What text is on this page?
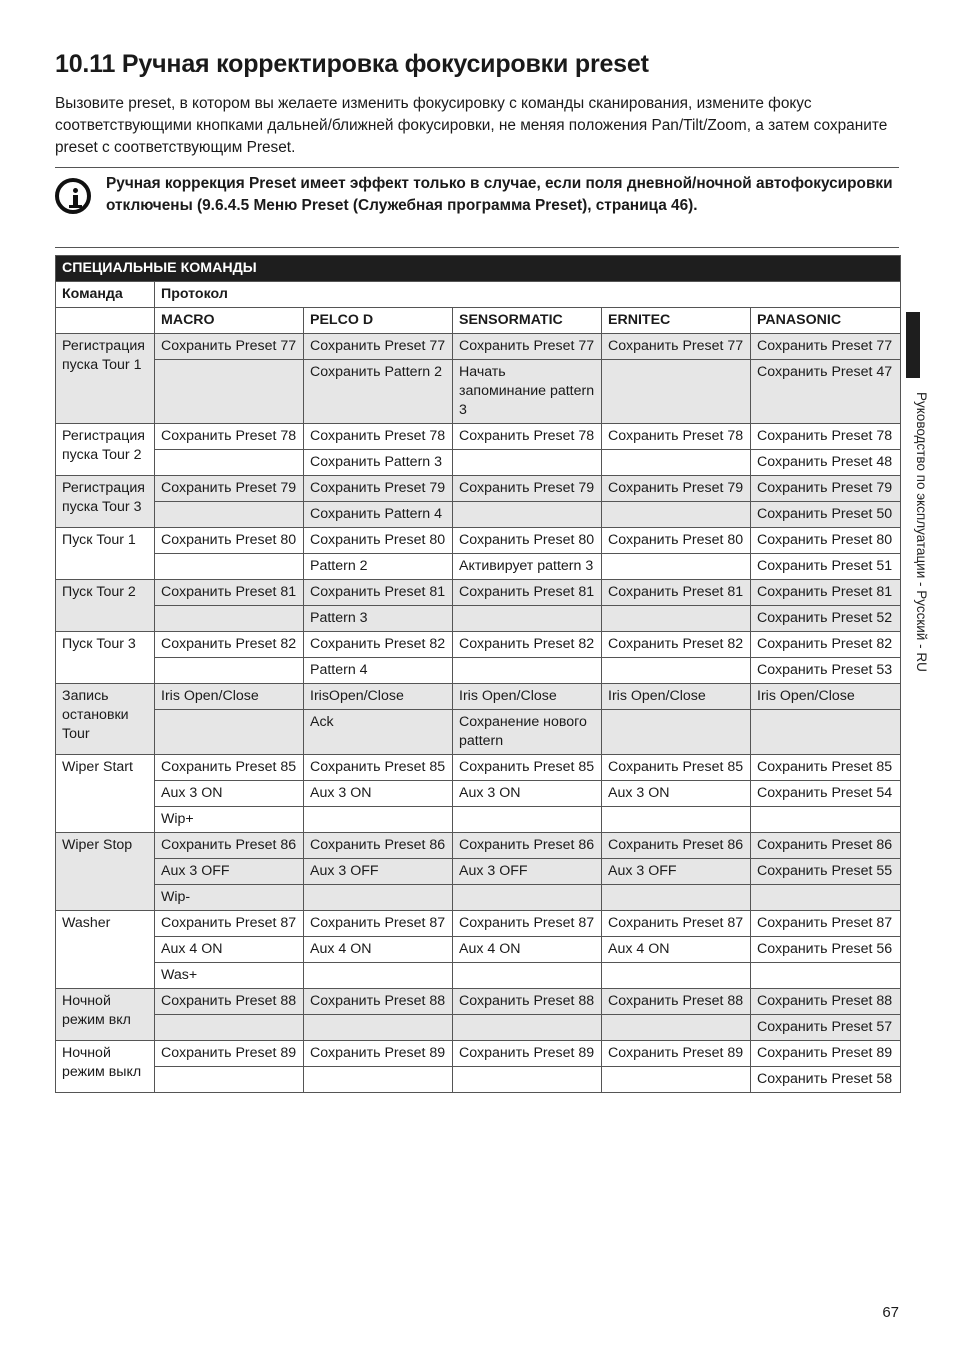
10.11 Ручная корректировка фокусировки preset

Вызовите preset, в котором вы желаете изменить фокусировку с команды сканирования, измените фокус соответствующими кнопками дальней/ближней фокусировки, не меняя положения Pan/Tilt/Zoom, а затем сохраните preset с соответствующим Preset.

Ручная коррекция Preset имеет эффект только в случае, если поля дневной/ночной автофокусировки отключены (9.6.4.5 Меню Preset (Служебная программа Preset), страница 46).

СПЕЦИАЛЬНЫЕ КОМАНДЫ					
Команда	Протокол				
	MACRO	PELCO D	SENSORMATIC	ERNITEC	PANASONIC
Регистрация пуска Tour 1	Сохранить Preset 77	Сохранить Preset 77	Сохранить Preset 77	Сохранить Preset 77	Сохранить Preset 77
		Сохранить Pattern 2	Начать запоминание pattern 3		Сохранить Preset 47
Регистрация пуска Tour 2	Сохранить Preset 78	Сохранить Preset 78	Сохранить Preset 78	Сохранить Preset 78	Сохранить Preset 78
		Сохранить Pattern 3			Сохранить Preset 48
Регистрация пуска Tour 3	Сохранить Preset 79	Сохранить Preset 79	Сохранить Preset 79	Сохранить Preset 79	Сохранить Preset 79
		Сохранить Pattern 4			Сохранить Preset 50
Пуск Tour 1	Сохранить Preset 80	Сохранить Preset 80	Сохранить Preset 80	Сохранить Preset 80	Сохранить Preset 80
		Pattern 2	Активирует pattern 3		Сохранить Preset 51
Пуск Tour 2	Сохранить Preset 81	Сохранить Preset 81	Сохранить Preset 81	Сохранить Preset 81	Сохранить Preset 81
		Pattern 3			Сохранить Preset 52
Пуск Tour 3	Сохранить Preset 82	Сохранить Preset 82	Сохранить Preset 82	Сохранить Preset 82	Сохранить Preset 82
		Pattern 4			Сохранить Preset 53
Запись остановки Tour	Iris Open/Close	IrisOpen/Close	Iris Open/Close	Iris Open/Close	Iris Open/Close
		Ack	Сохранение нового pattern		
Wiper Start	Сохранить Preset 85	Сохранить Preset 85	Сохранить Preset 85	Сохранить Preset 85	Сохранить Preset 85
	Aux 3 ON	Aux 3 ON	Aux 3 ON	Aux 3 ON	Сохранить Preset 54
	Wip+				
Wiper Stop	Сохранить Preset 86	Сохранить Preset 86	Сохранить Preset 86	Сохранить Preset 86	Сохранить Preset 86
	Aux 3 OFF	Aux 3 OFF	Aux 3 OFF	Aux 3 OFF	Сохранить Preset 55
	Wip-				
Washer	Сохранить Preset 87	Сохранить Preset 87	Сохранить Preset 87	Сохранить Preset 87	Сохранить Preset 87
	Aux 4 ON	Aux 4 ON	Aux 4 ON	Aux 4 ON	Сохранить Preset 56
	Was+				
Ночной режим вкл	Сохранить Preset 88	Сохранить Preset 88	Сохранить Preset 88	Сохранить Preset 88	Сохранить Preset 88
					Сохранить Preset 57
Ночной режим выкл	Сохранить Preset 89	Сохранить Preset 89	Сохранить Preset 89	Сохранить Preset 89	Сохранить Preset 89
					Сохранить Preset 58
Руководство по эксплуатации - Русский - RU
67
